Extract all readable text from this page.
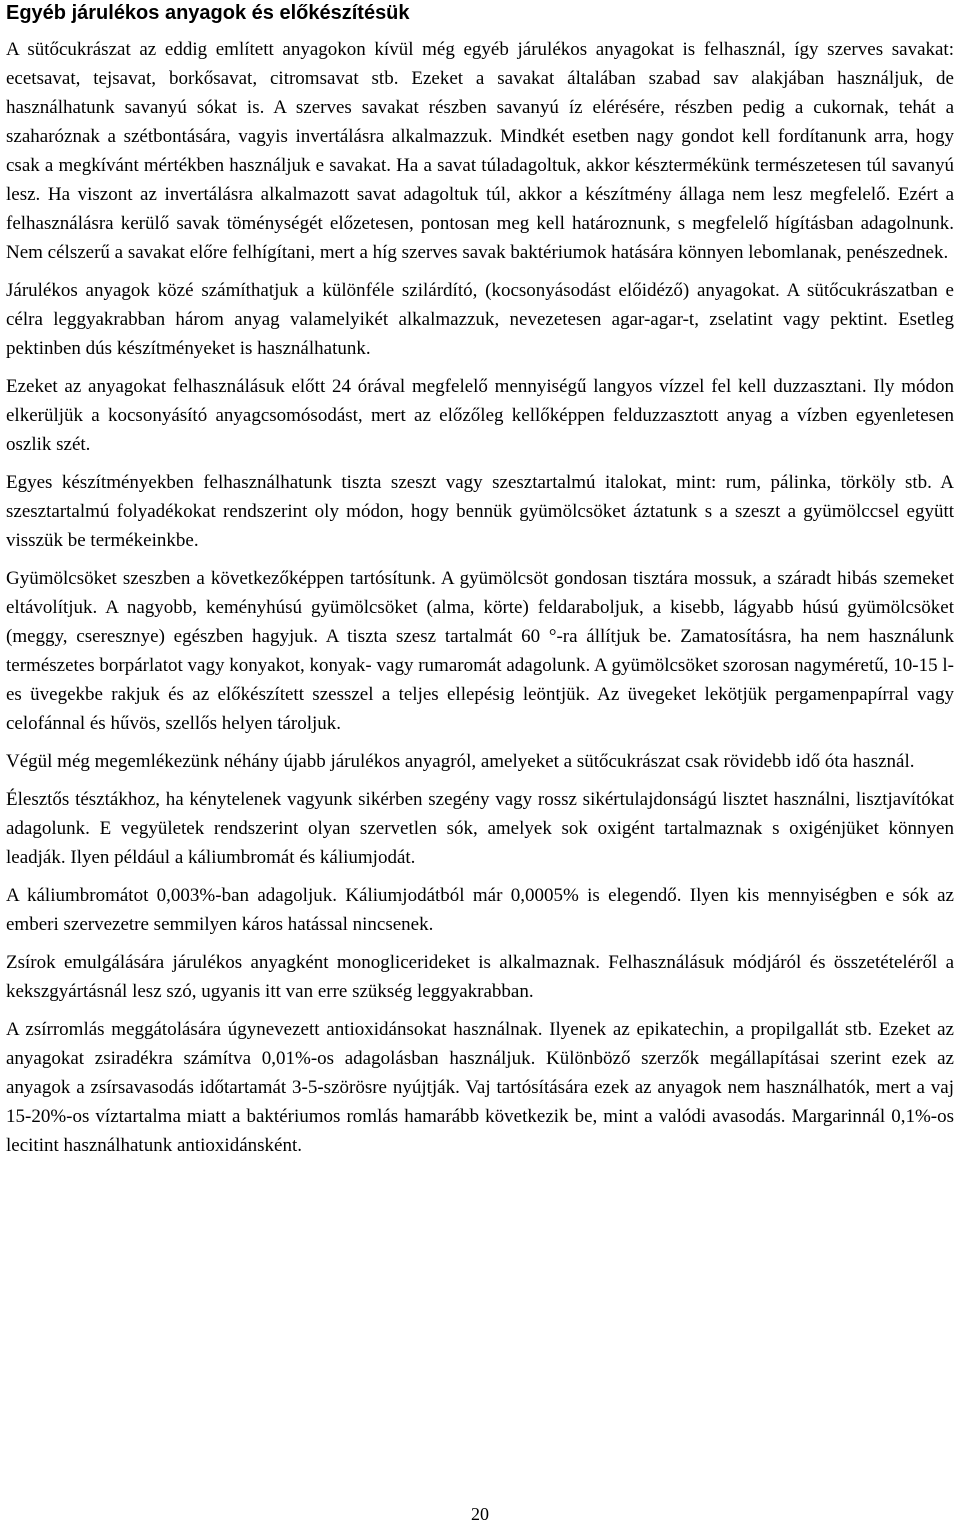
Egyéb járulékos anyagok és előkészítésük

A sütőcukrászat az eddig említett anyagokon kívül még egyéb járulékos anyagokat is felhasznál, így szerves savakat: ecetsavat, tejsavat, borkősavat, citromsavat stb. Ezeket a savakat általában szabad sav alakjában használjuk, de használhatunk savanyú sókat is. A szerves savakat részben savanyú íz elérésére, részben pedig a cukornak, tehát a szaharóznak a szétbontására, vagyis invertálásra alkalmazzuk. Mindkét esetben nagy gondot kell fordítanunk arra, hogy csak a megkívánt mértékben használjuk e savakat. Ha a savat túladagoltuk, akkor késztermékünk természetesen túl savanyú lesz. Ha viszont az invertálásra alkalmazott savat adagoltuk túl, akkor a készítmény állaga nem lesz megfelelő. Ezért a felhasználásra kerülő savak töménységét előzetesen, pontosan meg kell határoznunk, s megfelelő hígításban adagolnunk. Nem célszerű a savakat előre felhígítani, mert a híg szerves savak baktériumok hatására könnyen lebomlanak, penészednek.

Járulékos anyagok közé számíthatjuk a különféle szilárdító, (kocsonyásodást előidéző) anyagokat. A sütőcukrászatban e célra leggyakrabban három anyag valamelyikét alkalmazzuk, nevezetesen agar-agar-t, zselatint vagy pektint. Esetleg pektinben dús készítményeket is használhatunk.

Ezeket az anyagokat felhasználásuk előtt 24 órával megfelelő mennyiségű langyos vízzel fel kell duzzasztani. Ily módon elkerüljük a kocsonyásító anyagcsomósodást, mert az előzőleg kellőképpen felduzzasztott anyag a vízben egyenletesen oszlik szét.

Egyes készítményekben felhasználhatunk tiszta szeszt vagy szesztartalmú italokat, mint: rum, pálinka, törköly stb. A szesztartalmú folyadékokat rendszerint oly módon, hogy bennük gyümölcsöket áztatunk s a szeszt a gyümölccsel együtt visszük be termékeinkbe.

Gyümölcsöket szeszben a következőképpen tartósítunk. A gyümölcsöt gondosan tisztára mossuk, a száradt hibás szemeket eltávolítjuk. A nagyobb, keményhúsú gyümölcsöket (alma, körte) feldaraboljuk, a kisebb, lágyabb húsú gyümölcsöket (meggy, cseresznye) egészben hagyjuk. A tiszta szesz tartalmát 60 °-ra állítjuk be. Zamatosításra, ha nem használunk természetes borpárlatot vagy konyakot, konyak- vagy rumaromát adagolunk. A gyümölcsöket szorosan nagyméretű, 10-15 l-es üvegekbe rakjuk és az előkészített szesszel a teljes ellepésig leöntjük. Az üvegeket lekötjük pergamenpapírral vagy celofánnal és hűvös, szellős helyen tároljuk.

Végül még megemlékezünk néhány újabb járulékos anyagról, amelyeket a sütőcukrászat csak rövidebb idő óta használ.

Élesztős tésztákhoz, ha kénytelenek vagyunk sikérben szegény vagy rossz sikértulajdonságú lisztet használni, lisztjavítókat adagolunk. E vegyületek rendszerint olyan szervetlen sók, amelyek sok oxigént tartalmaznak s oxigénjüket könnyen leadják. Ilyen például a káliumbromát és káliumjodát.

A káliumbromátot 0,003%-ban adagoljuk. Káliumjodátból már 0,0005% is elegendő. Ilyen kis mennyiségben e sók az emberi szervezetre semmilyen káros hatással nincsenek.

Zsírok emulgálására járulékos anyagként monoglicerideket is alkalmaznak. Felhasználásuk módjáról és összetételéről a kekszgyártásnál lesz szó, ugyanis itt van erre szükség leggyakrabban.

A zsírromlás meggátolására úgynevezett antioxidánsokat használnak. Ilyenek az epikatechin, a propilgallát stb. Ezeket az anyagokat zsiradékra számítva 0,01%-os adagolásban használjuk. Különböző szerzők megállapításai szerint ezek az anyagok a zsírsavasodás időtartamát 3-5-szörösre nyújtják. Vaj tartósítására ezek az anyagok nem használhatók, mert a vaj 15-20%-os víztartalma miatt a baktériumos romlás hamarább következik be, mint a valódi avasodás. Margarinnál 0,1%-os lecitint használhatunk antioxidánsként.

20
